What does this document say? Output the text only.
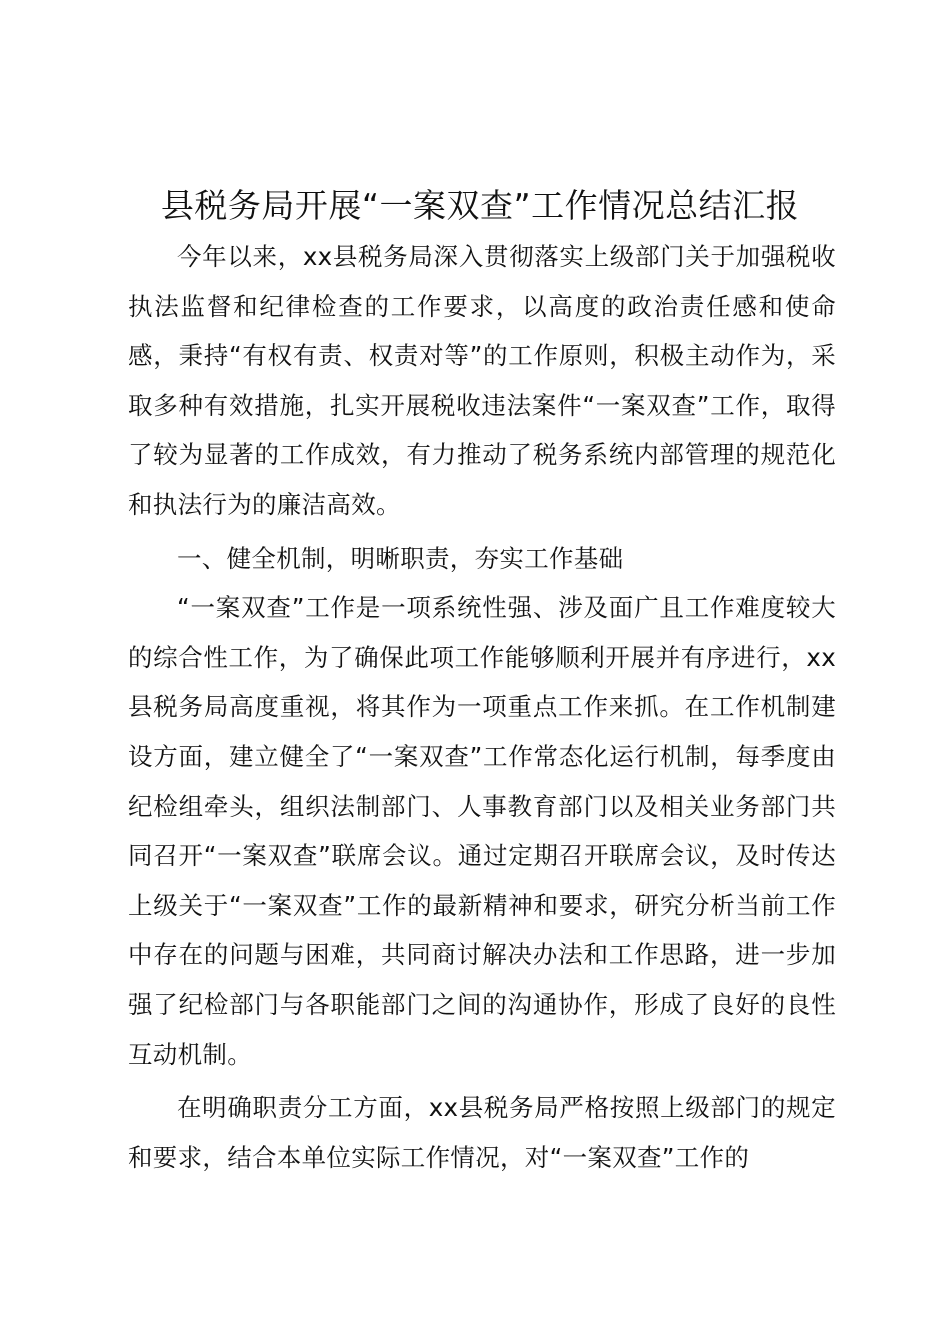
县税务局开展“一案双查”工作情况总结汇报

今年以来，xx县税务局深入贯彻落实上级部门关于加强税收执法监督和纪律检查的工作要求，以高度的政治责任感和使命感，秉持“有权有责、权责对等”的工作原则，积极主动作为，采取多种有效措施，扎实开展税收违法案件“一案双查”工作，取得了较为显著的工作成效，有力推动了税务系统内部管理的规范化和执法行为的廉洁高效。

一、健全机制，明晰职责，夯实工作基础

“一案双查”工作是一项系统性强、涉及面广且工作难度较大的综合性工作，为了确保此项工作能够顺利开展并有序进行，xx县税务局高度重视，将其作为一项重点工作来抓。在工作机制建设方面，建立健全了“一案双查”工作常态化运行机制，每季度由纪检组牵头，组织法制部门、人事教育部门以及相关业务部门共同召开“一案双查”联席会议。通过定期召开联席会议，及时传达上级关于“一案双查”工作的最新精神和要求，研究分析当前工作中存在的问题与困难，共同商讨解决办法和工作思路，进一步加强了纪检部门与各职能部门之间的沟通协作，形成了良好的良性互动机制。

在明确职责分工方面，xx县税务局严格按照上级部门的规定和要求，结合本单位实际工作情况，对“一案双查”工作的
